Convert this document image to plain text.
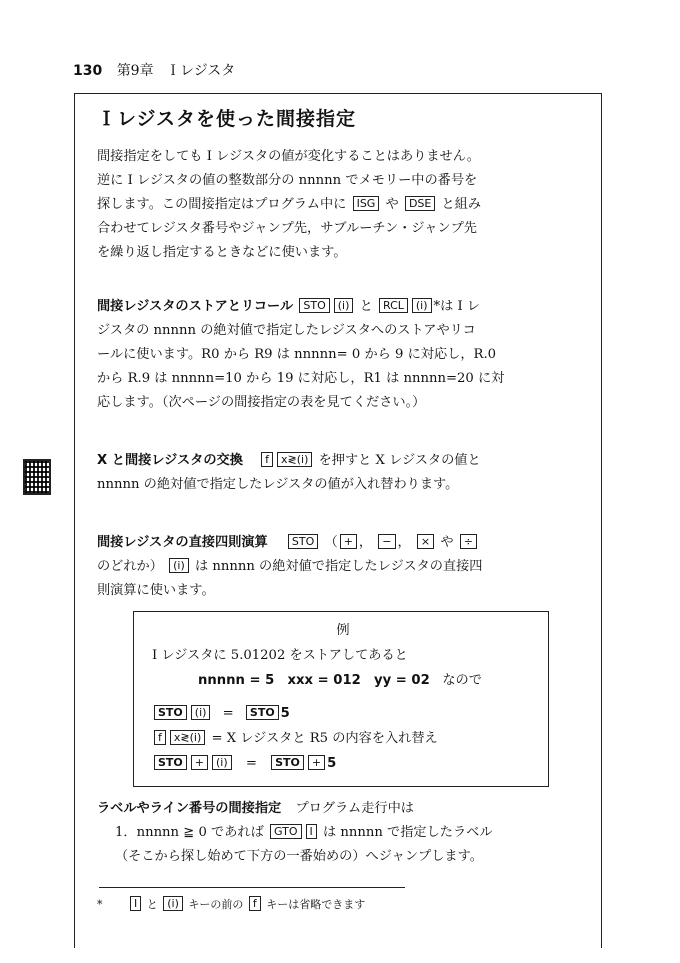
130 第9章 Ｉレジスタ
Ｉレジスタを使った間接指定

間接指定をしても I レジスタの値が変化することはありません。
逆に I レジスタの値の整数部分の nnnnn でメモリー中の番号を
探します。この間接指定はプログラム中に ISG や DSE と組み
合わせてレジスタ番号やジャンプ先，サブルーチン・ジャンプ先
を繰り返し指定するときなどに使います。

間接レジスタのストアとリコール STO (i) と RCL (i) *は I レ
ジスタの nnnnn の絶対値で指定したレジスタへのストアやリコ
ールに使います。R0 から R9 は nnnnn= 0 から 9 に対応し，R.0
から R.9 は nnnnn=10 から 19 に対応し，R1 は nnnnn=20 に対
応します。（次ページの間接指定の表を見てください。）

X と間接レジスタの交換 f x≷(i) を押すと X レジスタの値と
nnnnn の絶対値で指定したレジスタの値が入れ替わります。

間接レジスタの直接四則演算 STO （ + ， − ， × や ÷
のどれか） (i) は nnnnn の絶対値で指定したレジスタの直接四
則演算に使います。

例
I レジスタに 5.01202 をストアしてあると
nnnnn = 5　xxx = 012　yy = 02 なので
STO (i) = STO 5
f x≷(i) = X レジスタと R5 の内容を入れ替え
STO + (i) = STO + 5

ラベルやライン番号の間接指定 プログラム走行中は
1．nnnnn ≧ 0 であれば GTO I は nnnnn で指定したラベル
（そこから探し始めて下方の一番始めの）へジャンプします。

*	I と (i) キーの前の f キーは省略できます
